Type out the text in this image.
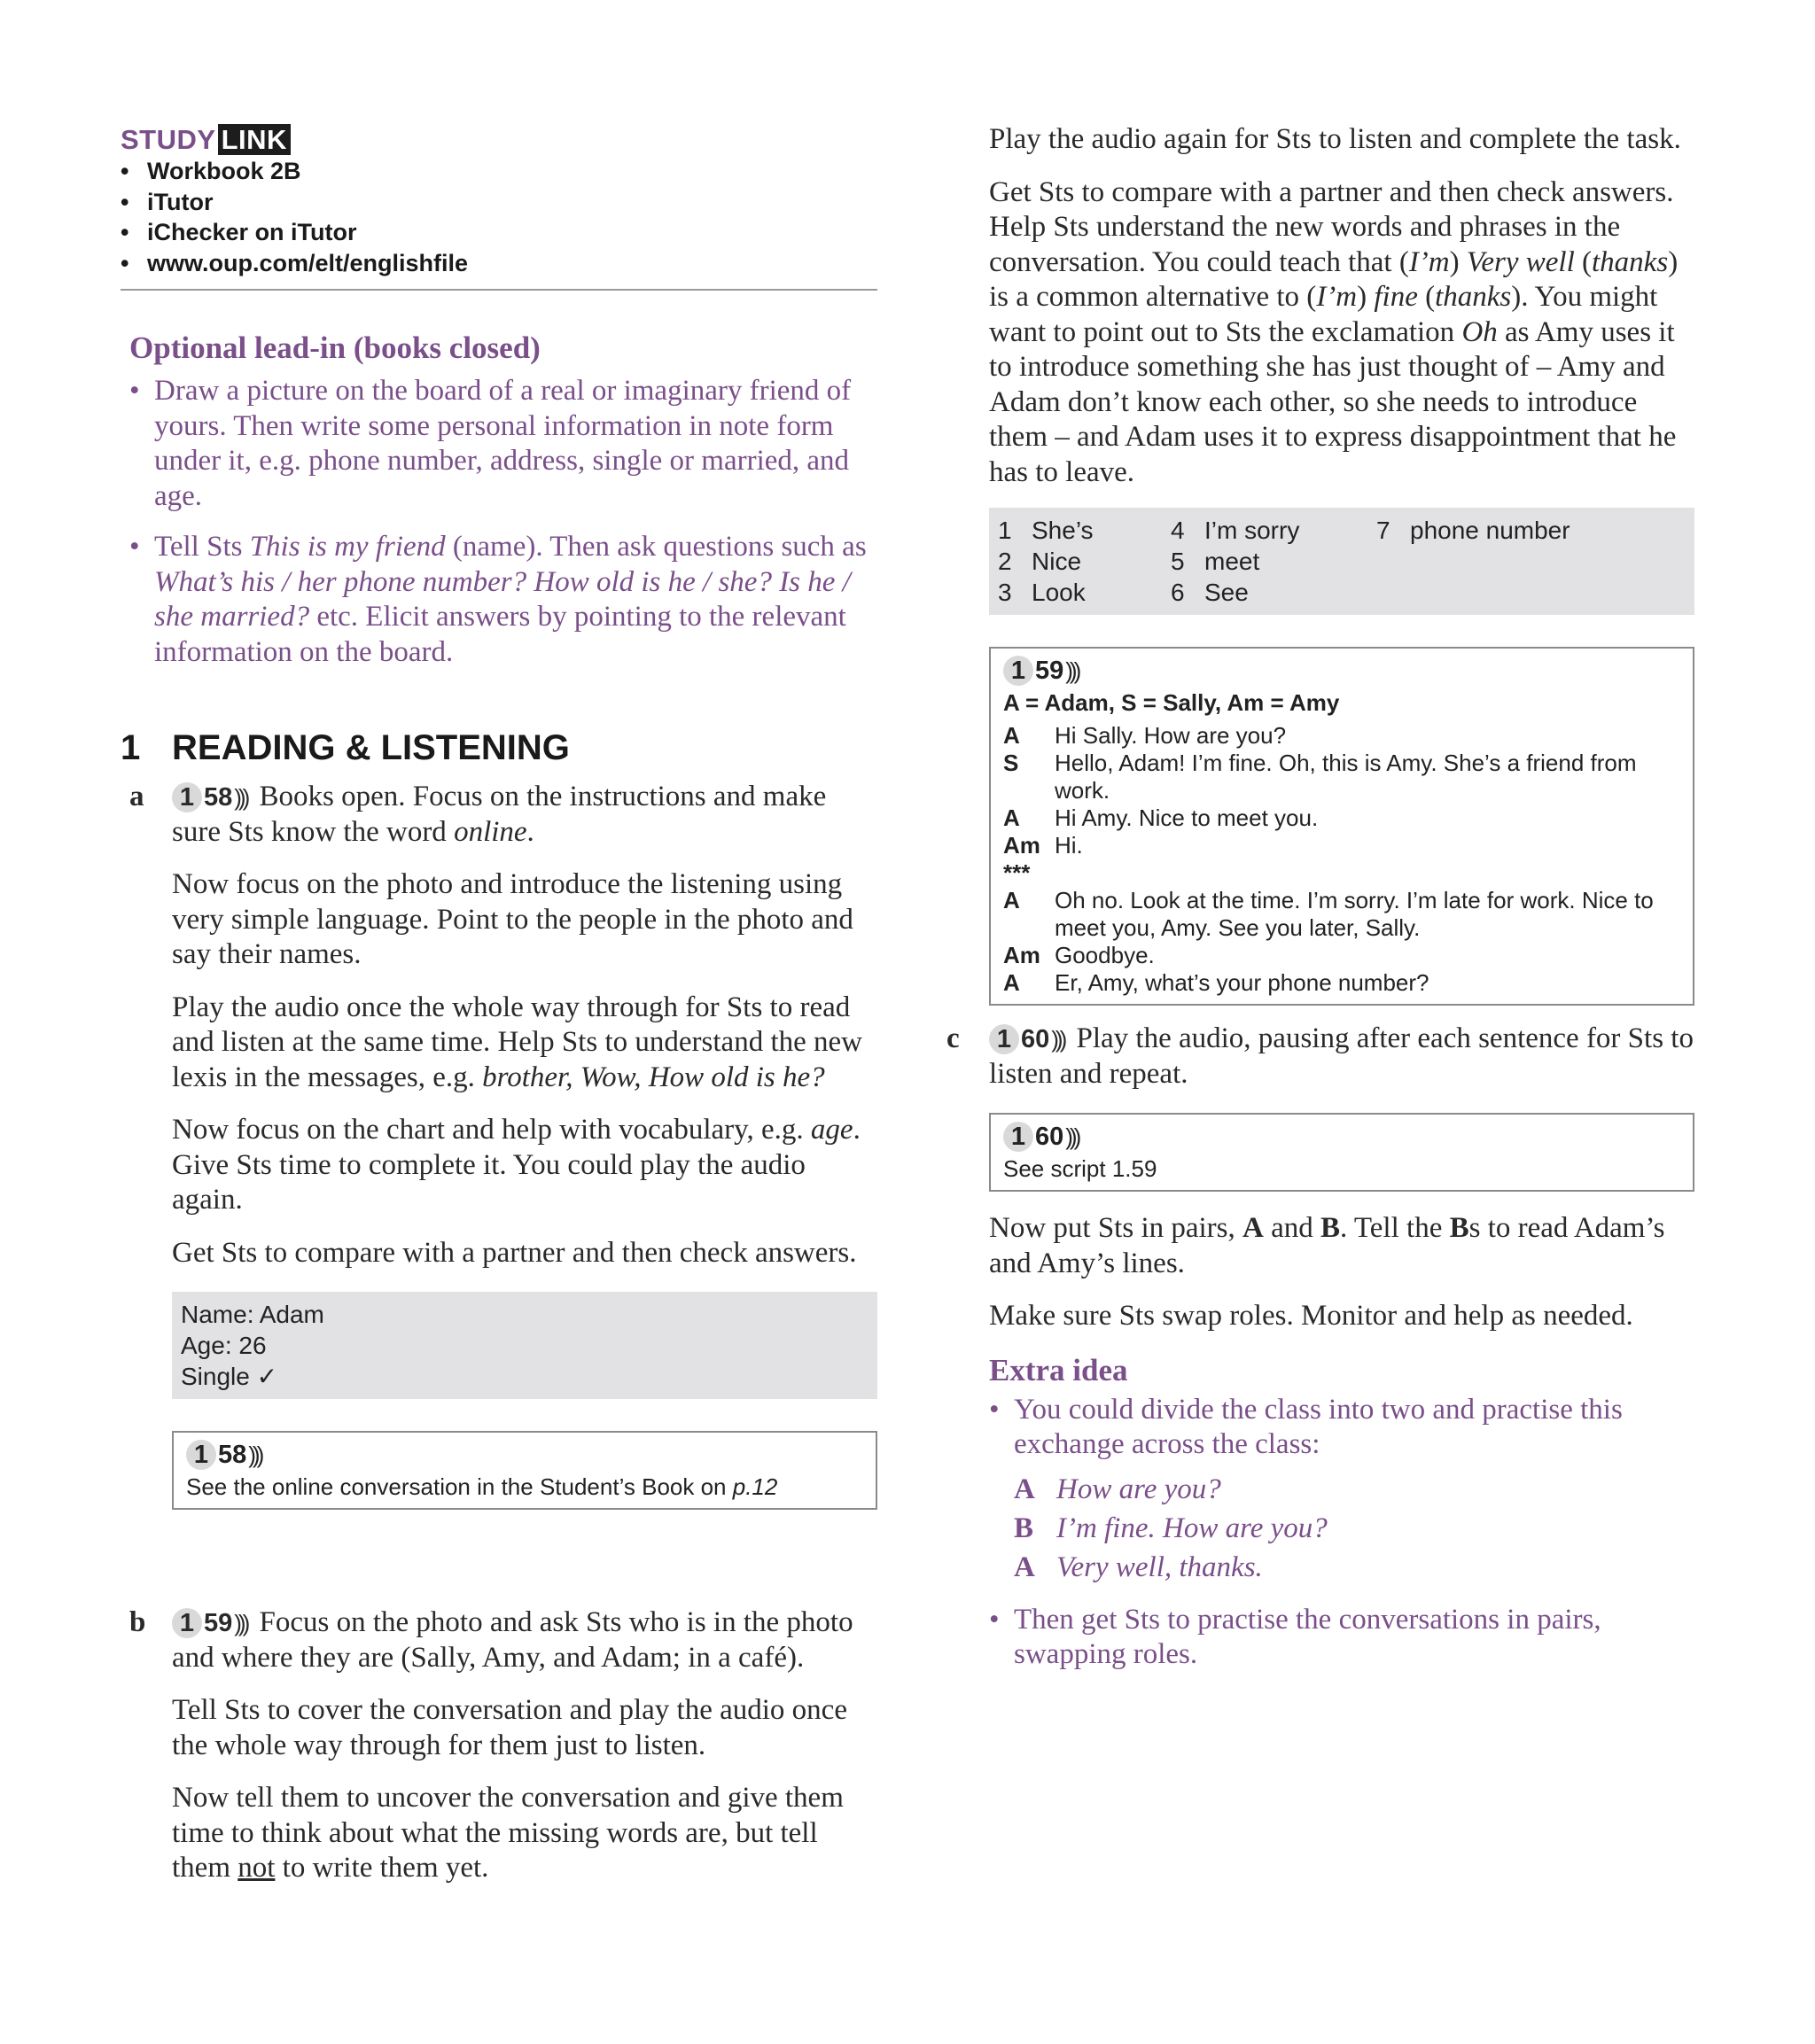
STUDY LINK
• Workbook 2B
• iTutor
• iChecker on iTutor
• www.oup.com/elt/englishfile
Optional lead-in (books closed)
• Draw a picture on the board of a real or imaginary friend of yours. Then write some personal information in note form under it, e.g. phone number, address, single or married, and age.
• Tell Sts This is my friend (name). Then ask questions such as What’s his / her phone number? How old is he / she? Is he / she married? etc. Elicit answers by pointing to the relevant information on the board.
1 READING & LISTENING
a	1 58 ))) Books open. Focus on the instructions and make sure Sts know the word online.

Now focus on the photo and introduce the listening using very simple language. Point to the people in the photo and say their names.

Play the audio once the whole way through for Sts to read and listen at the same time. Help Sts to understand the new lexis in the messages, e.g. brother, Wow, How old is he?

Now focus on the chart and help with vocabulary, e.g. age. Give Sts time to complete it. You could play the audio again.

Get Sts to compare with a partner and then check answers.

Name: Adam
Age: 26
Single ✓
1 58 )))
See the online conversation in the Student’s Book on p.12
b	1 59 ))) Focus on the photo and ask Sts who is in the photo and where they are (Sally, Amy, and Adam; in a café).

Tell Sts to cover the conversation and play the audio once the whole way through for them just to listen.

Now tell them to uncover the conversation and give them time to think about what the missing words are, but tell them not to write them yet.

Play the audio again for Sts to listen and complete the task.

Get Sts to compare with a partner and then check answers. Help Sts understand the new words and phrases in the conversation. You could teach that (I’m) Very well (thanks) is a common alternative to (I’m) fine (thanks). You might want to point out to Sts the exclamation Oh as Amy uses it to introduce something she has just thought of – Amy and Adam don’t know each other, so she needs to introduce them – and Adam uses it to express disappointment that he has to leave.

1 She’s	4 I’m sorry	7 phone number
2 Nice	5 meet
3 Look	6 See
1 59 )))
A = Adam, S = Sally, Am = Amy
A	Hi Sally. How are you?
S	Hello, Adam! I’m fine. Oh, this is Amy. She’s a friend from work.
A	Hi Amy. Nice to meet you.
Am Hi.
***
A	Oh no. Look at the time. I’m sorry. I’m late for work. Nice to meet you, Amy. See you later, Sally.
Am Goodbye.
A	Er, Amy, what’s your phone number?
c	1 60 ))) Play the audio, pausing after each sentence for Sts to listen and repeat.

1 60 )))
See script 1.59

Now put Sts in pairs, A and B. Tell the Bs to read Adam’s and Amy’s lines.

Make sure Sts swap roles. Monitor and help as needed.

Extra idea
• You could divide the class into two and practise this exchange across the class:
A How are you?
B I’m fine. How are you?
A Very well, thanks.
• Then get Sts to practise the conversations in pairs, swapping roles.
